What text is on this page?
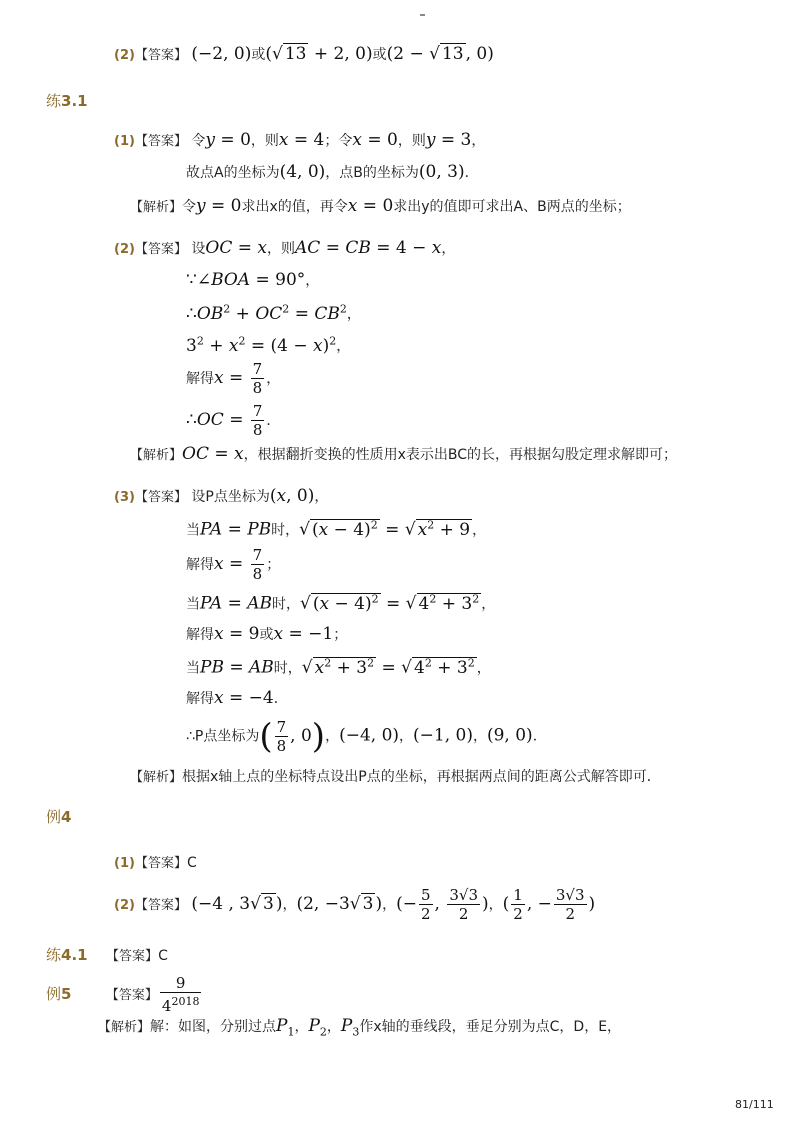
(2)【答案】 (−2, 0)或(√ 13 + 2, 0)或(2 − √ 13 , 0)
练3.1
(1)【答案】 令y = 0，则x = 4；令x = 0，则y = 3，
故点A的坐标为(4, 0)，点B的坐标为(0, 3)．
【解析】令y = 0求出x的值，再令x = 0求出y的值即可求出A、B两点的坐标；
(2)【答案】 设OC = x，则AC = CB = 4 − x，
∵∠BOA = 90°，
$\therefore OB^2 + OC^2 = CB^2$，
$3^2 + x^2 = (4 - x)^2$，
解得$x = \frac{7}{8}$ ，
∴OC = $\frac{7}{8}$ ．
【解析】OC = x，根据翻折变换的性质用x表示出BC的长，再根据勾股定理求解即可；
(3)【答案】 设P点坐标为(x, 0)，
当PA = PB时，√ $(x - 4)^2$ = √ $x^2 + 9$ ，
解得$x = \frac{7}{8}$ ；
当PA = AB时，√ $(x - 4)^2$ = √ $4^2 + 3^2$ ，
解得x = 9或x = −1；
当PB = AB时，√ $x^2 + 3^2$ = √ $4^2 + 3^2$ ，
解得x = −4．
∴P点坐标为( $\frac{7}{8}$ , 0)，(−4, 0)，(−1, 0)，(9, 0)．
【解析】根据x轴上点的坐标特点设出P点的坐标，再根据两点间的距离公式解答即可．
例4
(1)【答案】C
(2)【答案】 (−4 , 3√ 3 )，(2, −3√ 3 )，(− $\frac{5}{2}$ , $\frac{3√3}{2}$ )，( $\frac{1}{2}$ , − $\frac{3√3}{2}$ )
练4.1 【答案】C
例5	【答案】 $\frac{9}{4^{2018}}$
【解析】解：如图，分别过点$P_1$，$P_2$，$P_3$作x轴的垂线段，垂足分别为点C，D，E，
81/111
